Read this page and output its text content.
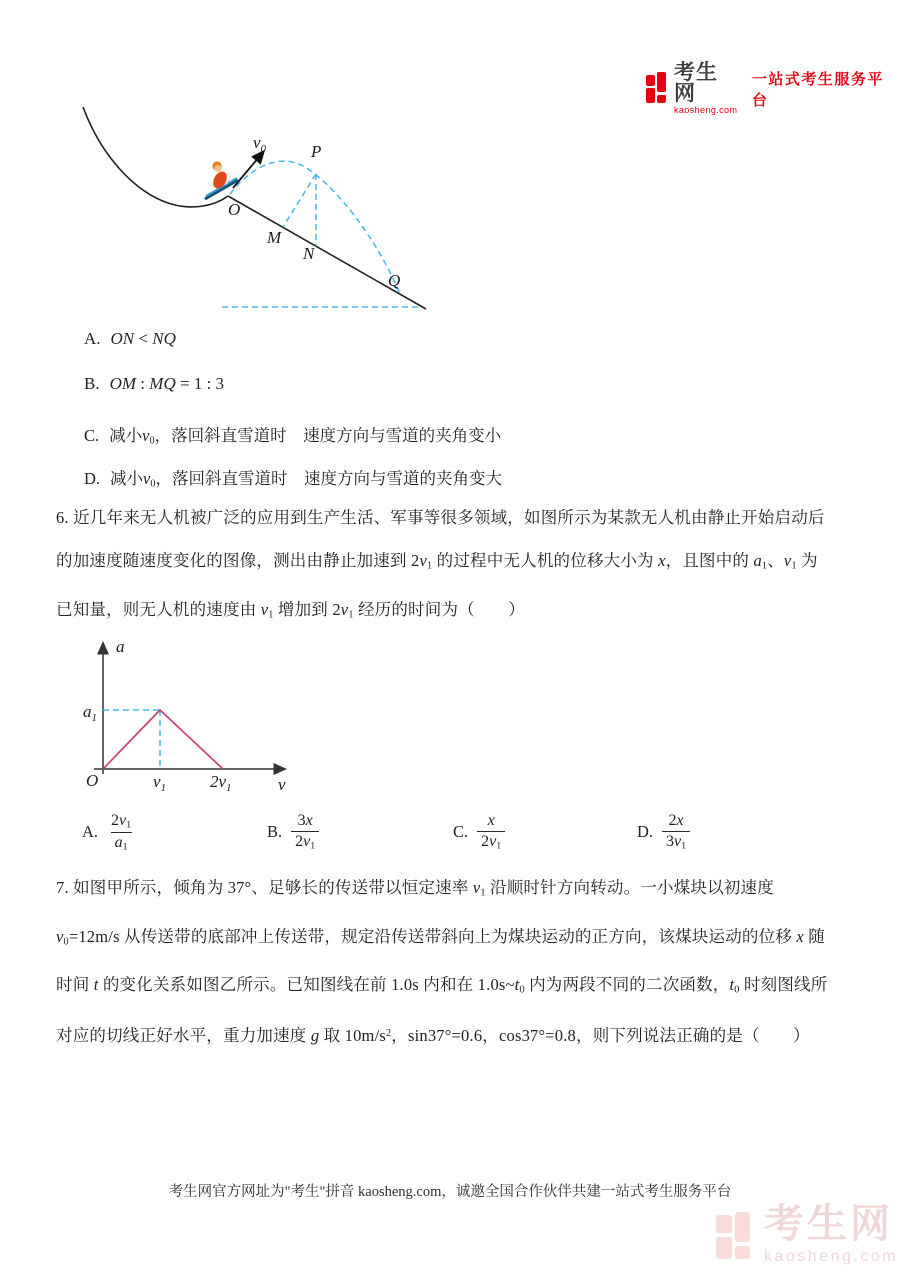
考生网
kaosheng.com
一站式考生服务平台
$v_0$
O
M
N
P
Q
A. ON < NQ
B. OM : MQ = 1 : 3
C. 减小v0，落回斜直雪道时　速度方向与雪道的夹角变小
D. 减小v0，落回斜直雪道时　速度方向与雪道的夹角变大
6. 近几年来无人机被广泛的应用到生产生活、军事等很多领域，如图所示为某款无人机由静止开始启动后
的加速度随速度变化的图像，测出由静止加速到 2v1 的过程中无人机的位移大小为 x，且图中的 a1、v1 为
已知量，则无人机的速度由 v1 增加到 2v1 经历的时间为（　　）
a
v
O
$a_1$
$v_1$	$2v_1$
A. $\frac{2v1}{a1}$	B. $\frac{3x}{2v1}$	C. $\frac{x}{2v1}$	D. $\frac{2x}{3v1}$
7. 如图甲所示，倾角为 37°、足够长的传送带以恒定速率 v1 沿顺时针方向转动。一小煤块以初速度
v0=12m/s 从传送带的底部冲上传送带，规定沿传送带斜向上为煤块运动的正方向，该煤块运动的位移 x 随
时间 t 的变化关系如图乙所示。已知图线在前 1.0s 内和在 1.0s~t0 内为两段不同的二次函数，t0 时刻图线所
对应的切线正好水平，重力加速度 g 取 $10m/s^2$，sin37°=0.6，cos37°=0.8，则下列说法正确的是（　　）
考生网官方网址为"考生"拼音 kaosheng.com，诚邀全国合作伙伴共建一站式考生服务平台
考生网
kaosheng.com
